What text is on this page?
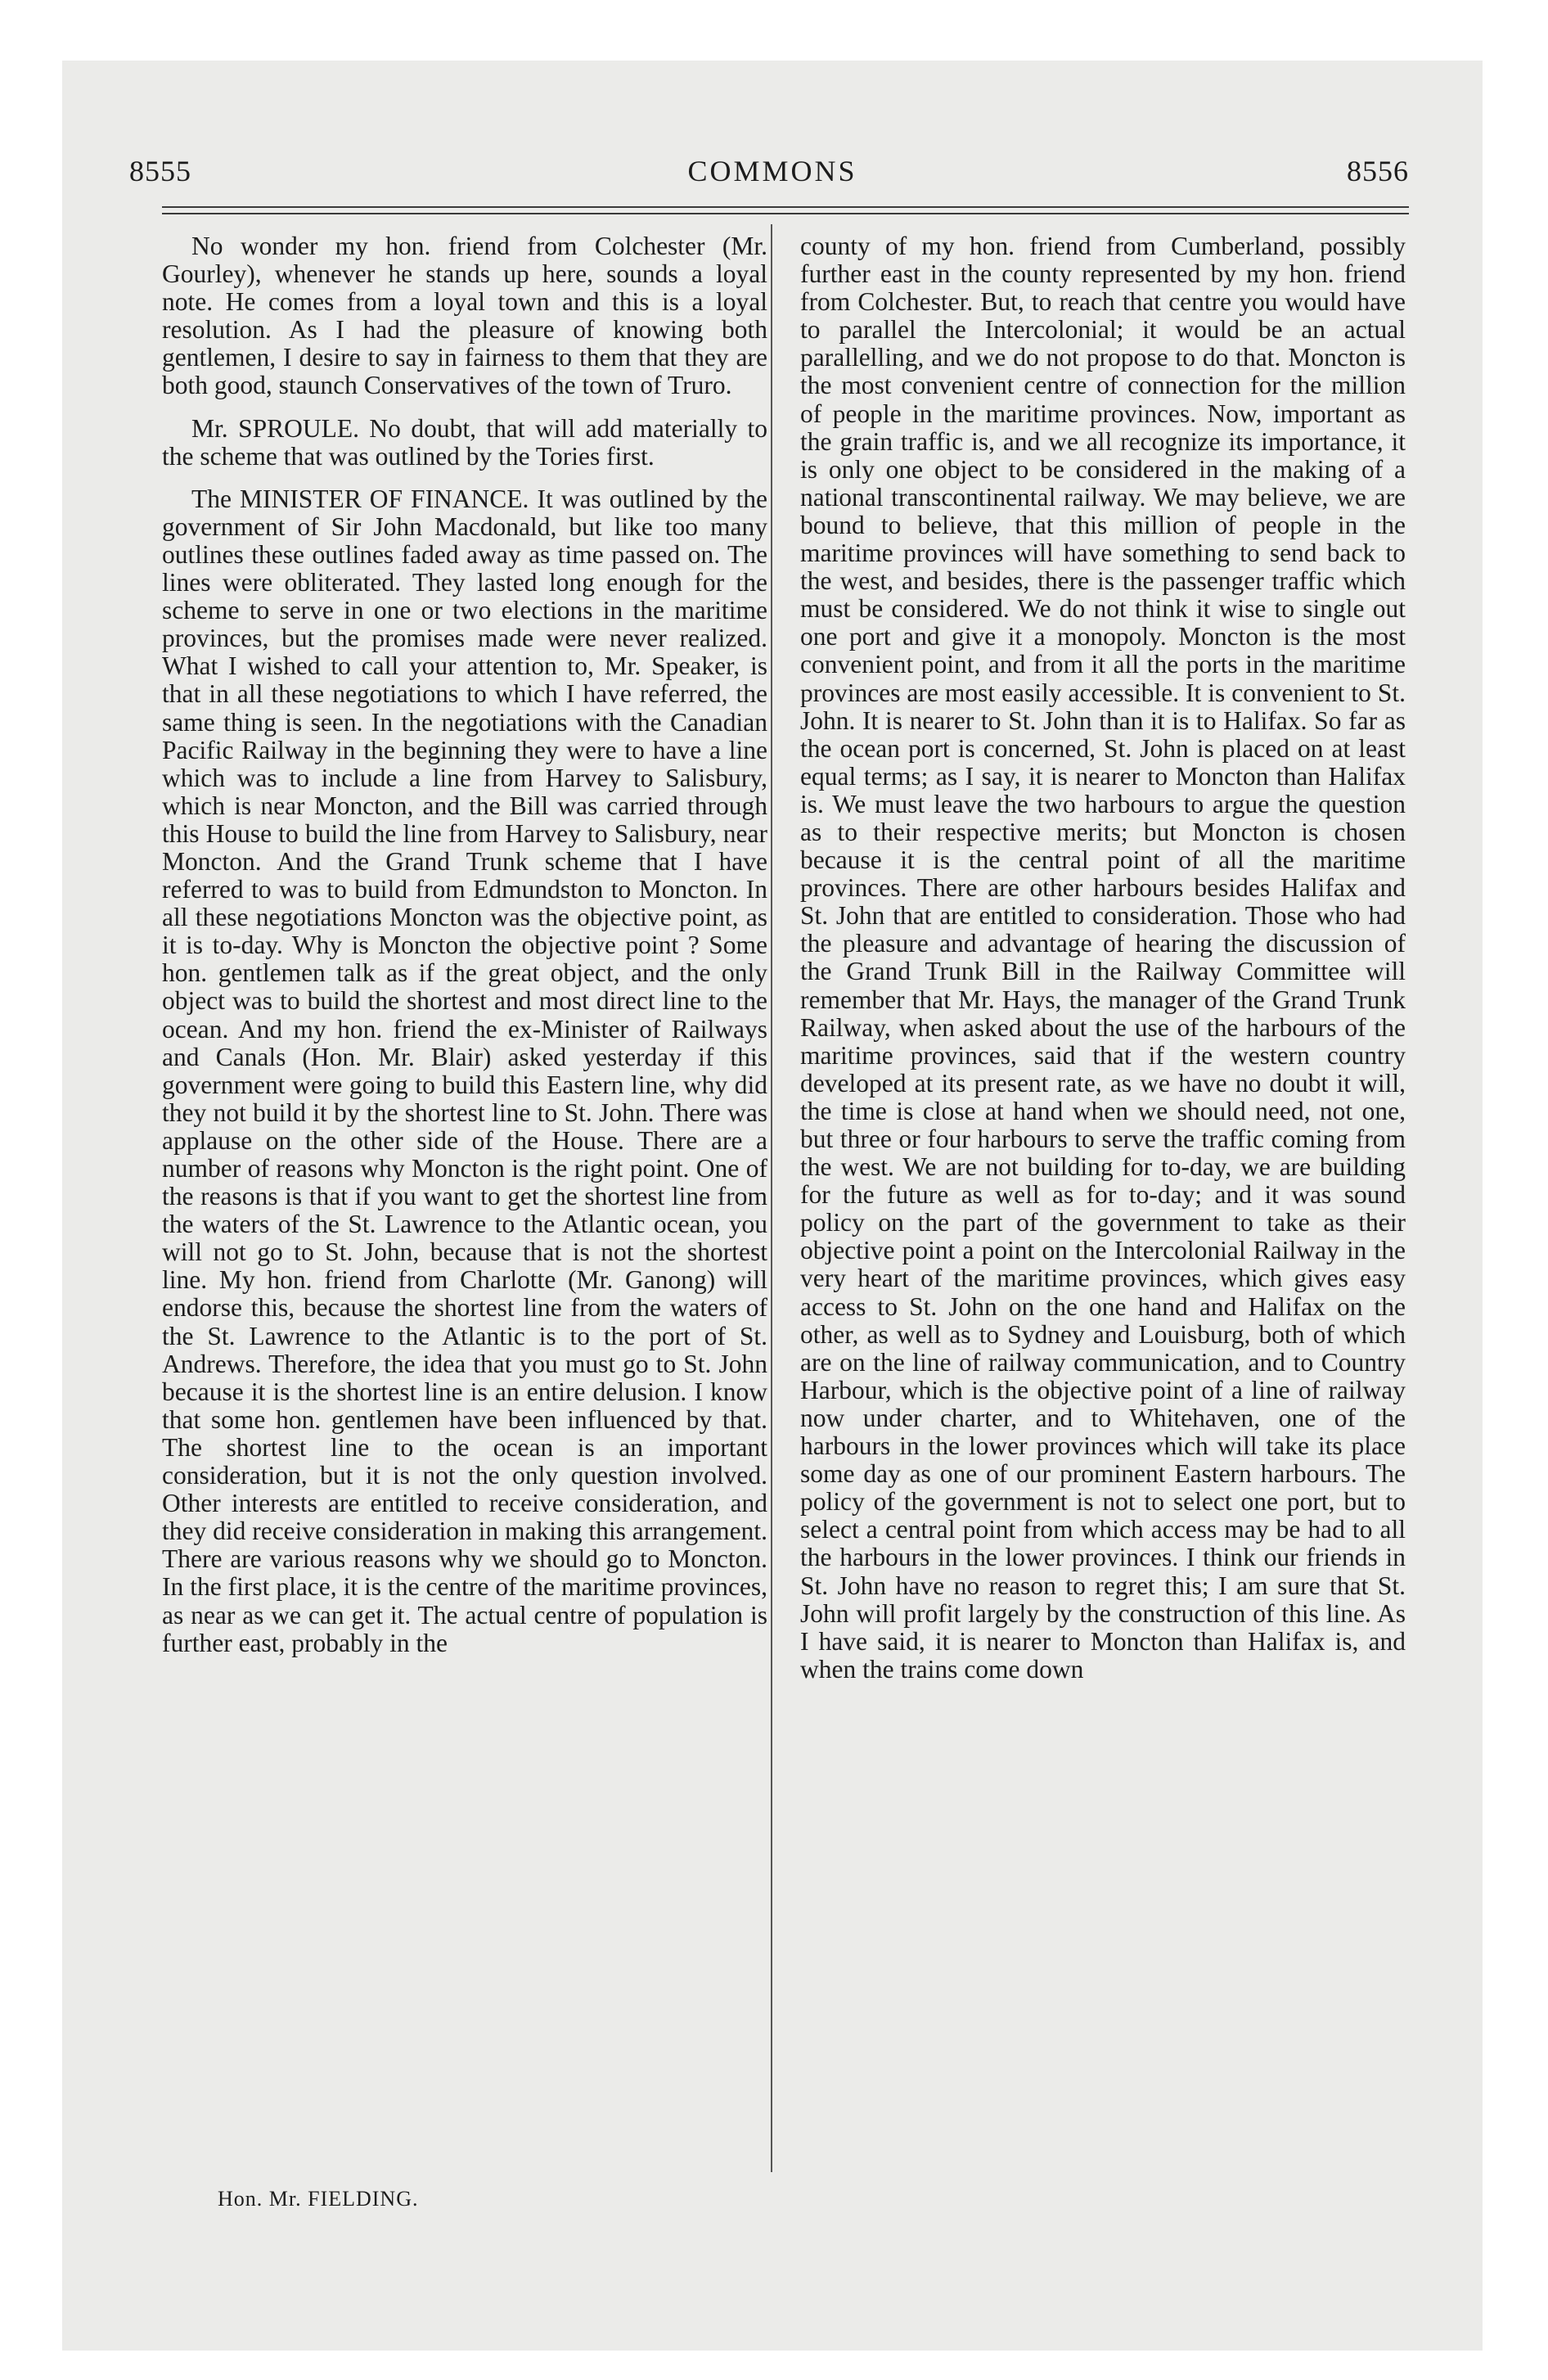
COMMONS
8555	8556

No wonder my hon. friend from Colchester (Mr. Gourley), whenever he stands up here, sounds a loyal note. He comes from a loyal town and this is a loyal resolution. As I had the pleasure of knowing both gentlemen, I desire to say in fairness to them that they are both good, staunch Conservatives of the town of Truro.

Mr. SPROULE. No doubt, that will add materially to the scheme that was outlined by the Tories first.

The MINISTER OF FINANCE. It was outlined by the government of Sir John Macdonald, but like too many outlines these outlines faded away as time passed on. The lines were obliterated. They lasted long enough for the scheme to serve in one or two elections in the maritime provinces, but the promises made were never realized. What I wished to call your attention to, Mr. Speaker, is that in all these negotiations to which I have referred, the same thing is seen. In the negotiations with the Canadian Pacific Railway in the beginning they were to have a line which was to include a line from Harvey to Salisbury, which is near Moncton, and the Bill was carried through this House to build the line from Harvey to Salisbury, near Moncton. And the Grand Trunk scheme that I have referred to was to build from Edmundston to Moncton. In all these negotiations Moncton was the objective point, as it is to-day. Why is Moncton the objective point ? Some hon. gentlemen talk as if the great object, and the only object was to build the shortest and most direct line to the ocean. And my hon. friend the ex-Minister of Railways and Canals (Hon. Mr. Blair) asked yesterday if this government were going to build this Eastern line, why did they not build it by the shortest line to St. John. There was applause on the other side of the House. There are a number of reasons why Moncton is the right point. One of the reasons is that if you want to get the shortest line from the waters of the St. Lawrence to the Atlantic ocean, you will not go to St. John, because that is not the shortest line. My hon. friend from Charlotte (Mr. Ganong) will endorse this, because the shortest line from the waters of the St. Lawrence to the Atlantic is to the port of St. Andrews. Therefore, the idea that you must go to St. John because it is the shortest line is an entire delusion. I know that some hon. gentlemen have been influenced by that. The shortest line to the ocean is an important consideration, but it is not the only question involved. Other interests are entitled to receive consideration, and they did receive consideration in making this arrangement. There are various reasons why we should go to Moncton. In the first place, it is the centre of the maritime provinces, as near as we can get it. The actual centre of population is further east, probably in the

county of my hon. friend from Cumberland, possibly further east in the county represented by my hon. friend from Colchester. But, to reach that centre you would have to parallel the Intercolonial; it would be an actual parallelling, and we do not propose to do that. Moncton is the most convenient centre of connection for the million of people in the maritime provinces. Now, important as the grain traffic is, and we all recognize its importance, it is only one object to be considered in the making of a national transcontinental railway. We may believe, we are bound to believe, that this million of people in the maritime provinces will have something to send back to the west, and besides, there is the passenger traffic which must be considered. We do not think it wise to single out one port and give it a monopoly. Moncton is the most convenient point, and from it all the ports in the maritime provinces are most easily accessible. It is convenient to St. John. It is nearer to St. John than it is to Halifax. So far as the ocean port is concerned, St. John is placed on at least equal terms; as I say, it is nearer to Moncton than Halifax is. We must leave the two harbours to argue the question as to their respective merits; but Moncton is chosen because it is the central point of all the maritime provinces. There are other harbours besides Halifax and St. John that are entitled to consideration. Those who had the pleasure and advantage of hearing the discussion of the Grand Trunk Bill in the Railway Committee will remember that Mr. Hays, the manager of the Grand Trunk Railway, when asked about the use of the harbours of the maritime provinces, said that if the western country developed at its present rate, as we have no doubt it will, the time is close at hand when we should need, not one, but three or four harbours to serve the traffic coming from the west. We are not building for to-day, we are building for the future as well as for to-day; and it was sound policy on the part of the government to take as their objective point a point on the Intercolonial Railway in the very heart of the maritime provinces, which gives easy access to St. John on the one hand and Halifax on the other, as well as to Sydney and Louisburg, both of which are on the line of railway communication, and to Country Harbour, which is the objective point of a line of railway now under charter, and to Whitehaven, one of the harbours in the lower provinces which will take its place some day as one of our prominent Eastern harbours. The policy of the government is not to select one port, but to select a central point from which access may be had to all the harbours in the lower provinces. I think our friends in St. John have no reason to regret this; I am sure that St. John will profit largely by the construction of this line. As I have said, it is nearer to Moncton than Halifax is, and when the trains come down

Hon. Mr. FIELDING.
